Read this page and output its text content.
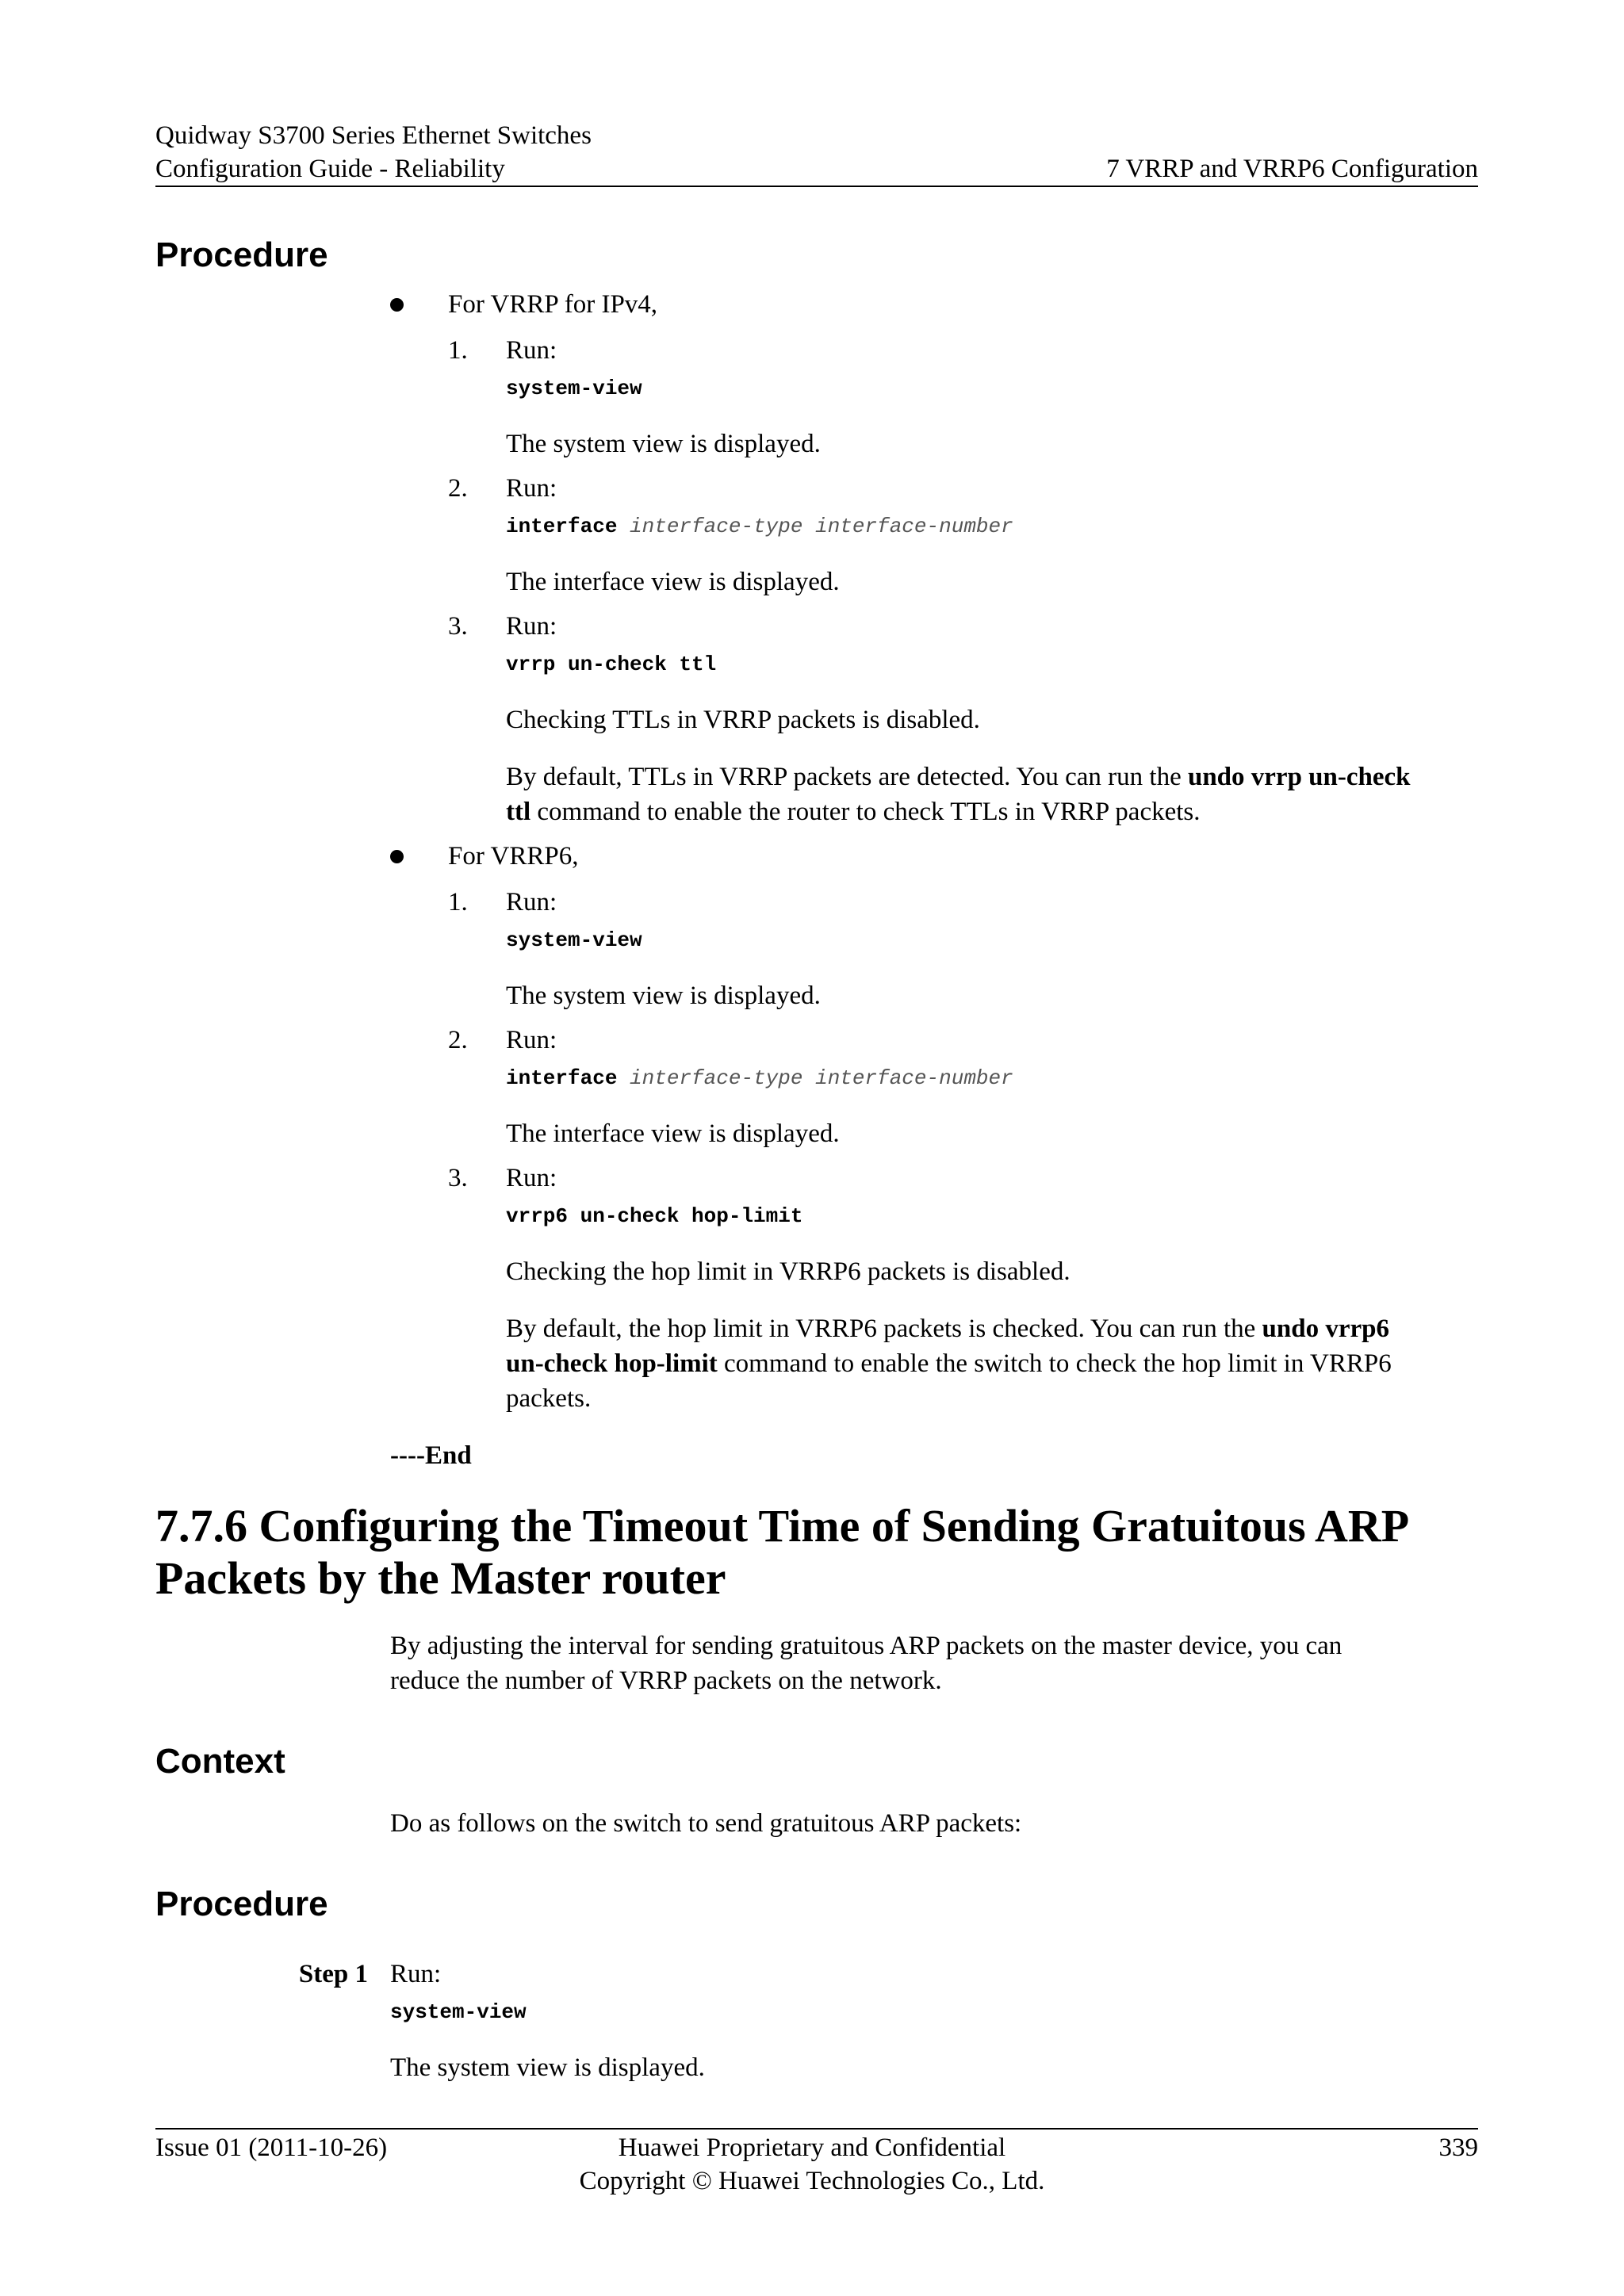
Quidway S3700 Series Ethernet Switches
Configuration Guide - Reliability	7 VRRP and VRRP6 Configuration
Procedure
For VRRP for IPv4,
1. Run:
system-view
The system view is displayed.
2. Run:
interface interface-type interface-number
The interface view is displayed.
3. Run:
vrrp un-check ttl
Checking TTLs in VRRP packets is disabled.
By default, TTLs in VRRP packets are detected. You can run the undo vrrp un-check
ttl command to enable the router to check TTLs in VRRP packets.
For VRRP6,
1. Run:
system-view
The system view is displayed.
2. Run:
interface interface-type interface-number
The interface view is displayed.
3. Run:
vrrp6 un-check hop-limit
Checking the hop limit in VRRP6 packets is disabled.
By default, the hop limit in VRRP6 packets is checked. You can run the undo vrrp6
un-check hop-limit command to enable the switch to check the hop limit in VRRP6
packets.
----End
7.7.6 Configuring the Timeout Time of Sending Gratuitous ARP
Packets by the Master router
By adjusting the interval for sending gratuitous ARP packets on the master device, you can
reduce the number of VRRP packets on the network.
Context
Do as follows on the switch to send gratuitous ARP packets:
Procedure
Step 1 Run:
system-view
The system view is displayed.
Issue 01 (2011-10-26)	Huawei Proprietary and Confidential
Copyright © Huawei Technologies Co., Ltd.
339
